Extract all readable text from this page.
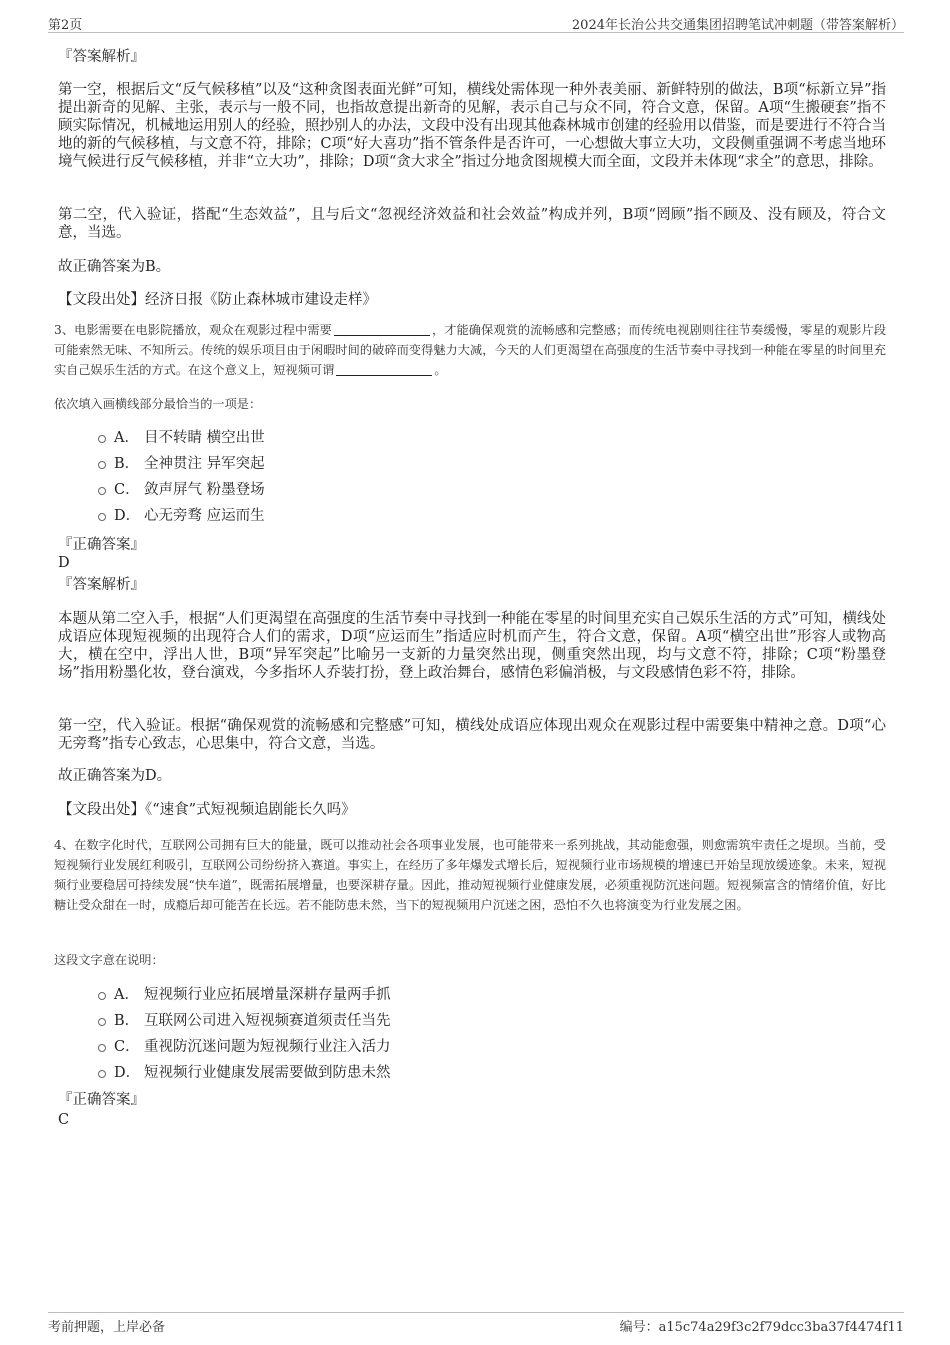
第2页	2024年长治公共交通集团招聘笔试冲刺题（带答案解析）
『答案解析』
第一空，根据后文“反气候移植”以及“这种贪图表面光鲜”可知，横线处需体现一种外表美丽、新鲜特别的做法，B项“标新立异”指提出新奇的见解、主张，表示与一般不同，也指故意提出新奇的见解，表示自己与众不同，符合文意，保留。A项“生搬硬套”指不顾实际情况，机械地运用别人的经验，照抄别人的办法，文段中没有出现其他森林城市创建的经验用以借鉴，而是要进行不符合当地的新的气候移植，与文意不符，排除；C项“好大喜功”指不管条件是否许可，一心想做大事立大功，文段侧重强调不考虑当地环境气候进行反气候移植，并非“立大功”，排除；D项“贪大求全”指过分地贪图规模大而全面，文段并未体现“求全”的意思，排除。
第二空，代入验证，搭配“生态效益”，且与后文“忽视经济效益和社会效益”构成并列，B项“罔顾”指不顾及、没有顾及，符合文意，当选。
故正确答案为B。
【文段出处】经济日报《防止森林城市建设走样》
3、电影需要在电影院播放，观众在观影过程中需要	，才能确保观赏的流畅感和完整感；而传统电视剧则往往节奏缓慢，零星的观影片段可能索然无味、不知所云。传统的娱乐项目由于闲暇时间的破碎而变得魅力大减，今天的人们更渴望在高强度的生活节奏中寻找到一种能在零星的时间里充实自己娱乐生活的方式。在这个意义上，短视频可谓	。
依次填入画横线部分最恰当的一项是：
A． 目不转睛 横空出世
B． 全神贯注 异军突起
C． 敛声屏气 粉墨登场
D． 心无旁骛 应运而生
『正确答案』
D
『答案解析』
本题从第二空入手，根据“人们更渴望在高强度的生活节奏中寻找到一种能在零星的时间里充实自己娱乐生活的方式”可知，横线处成语应体现短视频的出现符合人们的需求，D项“应运而生”指适应时机而产生，符合文意，保留。A项“横空出世”形容人或物高大，横在空中，浮出人世，B项“异军突起”比喻另一支新的力量突然出现，侧重突然出现，均与文意不符，排除；C项“粉墨登场”指用粉墨化妆，登台演戏，今多指坏人乔装打扮，登上政治舞台，感情色彩偏消极，与文段感情色彩不符，排除。
第一空，代入验证。根据“确保观赏的流畅感和完整感”可知，横线处成语应体现出观众在观影过程中需要集中精神之意。D项“心无旁骛”指专心致志，心思集中，符合文意，当选。
故正确答案为D。
【文段出处】《“速食”式短视频追剧能长久吗》
4、在数字化时代，互联网公司拥有巨大的能量，既可以推动社会各项事业发展，也可能带来一系列挑战，其动能愈强，则愈需筑牢责任之堤坝。当前，受短视频行业发展红利吸引，互联网公司纷纷挤入赛道。事实上，在经历了多年爆发式增长后，短视频行业市场规模的增速已开始呈现放缓迹象。未来，短视频行业要稳居可持续发展“快车道”，既需拓展增量，也要深耕存量。因此，推动短视频行业健康发展，必须重视防沉迷问题。短视频富含的情绪价值，好比糖让受众甜在一时，成瘾后却可能苦在长远。若不能防患未然，当下的短视频用户沉迷之困，恐怕不久也将演变为行业发展之困。
这段文字意在说明：
A． 短视频行业应拓展增量深耕存量两手抓
B． 互联网公司进入短视频赛道须责任当先
C． 重视防沉迷问题为短视频行业注入活力
D． 短视频行业健康发展需要做到防患未然
『正确答案』
C
考前押题，上岸必备	编号：a15c74a29f3c2f79dcc3ba37f4474f11
